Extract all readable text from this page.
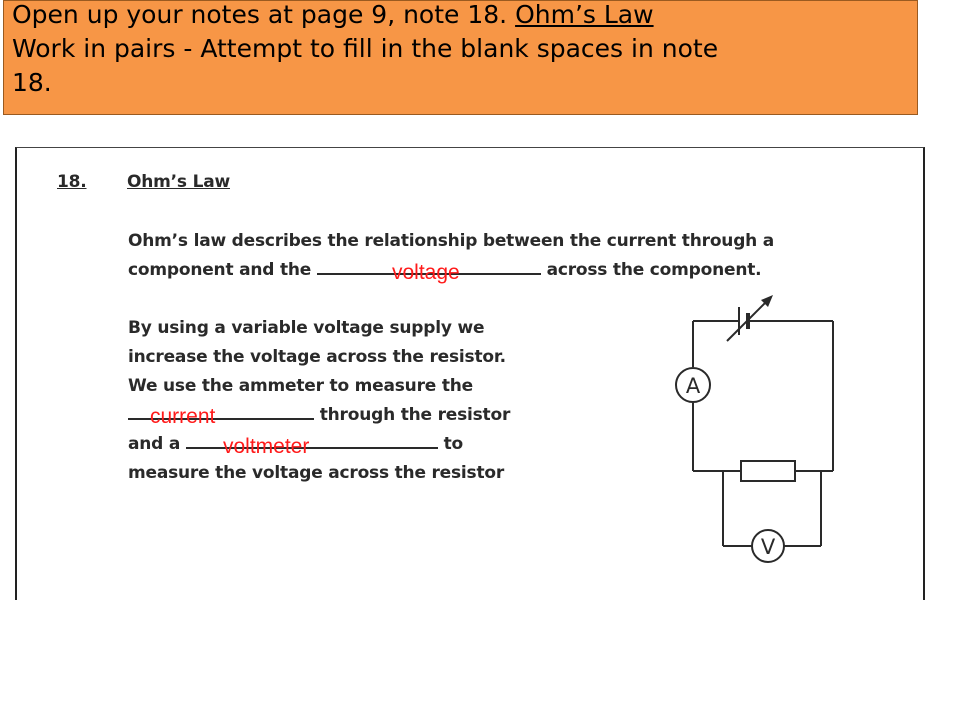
Open up your notes at page 9, note 18. Ohm’s Law
Work in pairs - Attempt to fill in the blank spaces in note
18.
18. Ohm’s Law
Ohm’s law describes the relationship between the current through a
component and the	across the component.
By using a variable voltage supply we
increase the voltage across the resistor.
We use the ammeter to measure the
through the resistor
and a	to
measure the voltage across the resistor
voltage
current
voltmeter
A
V
